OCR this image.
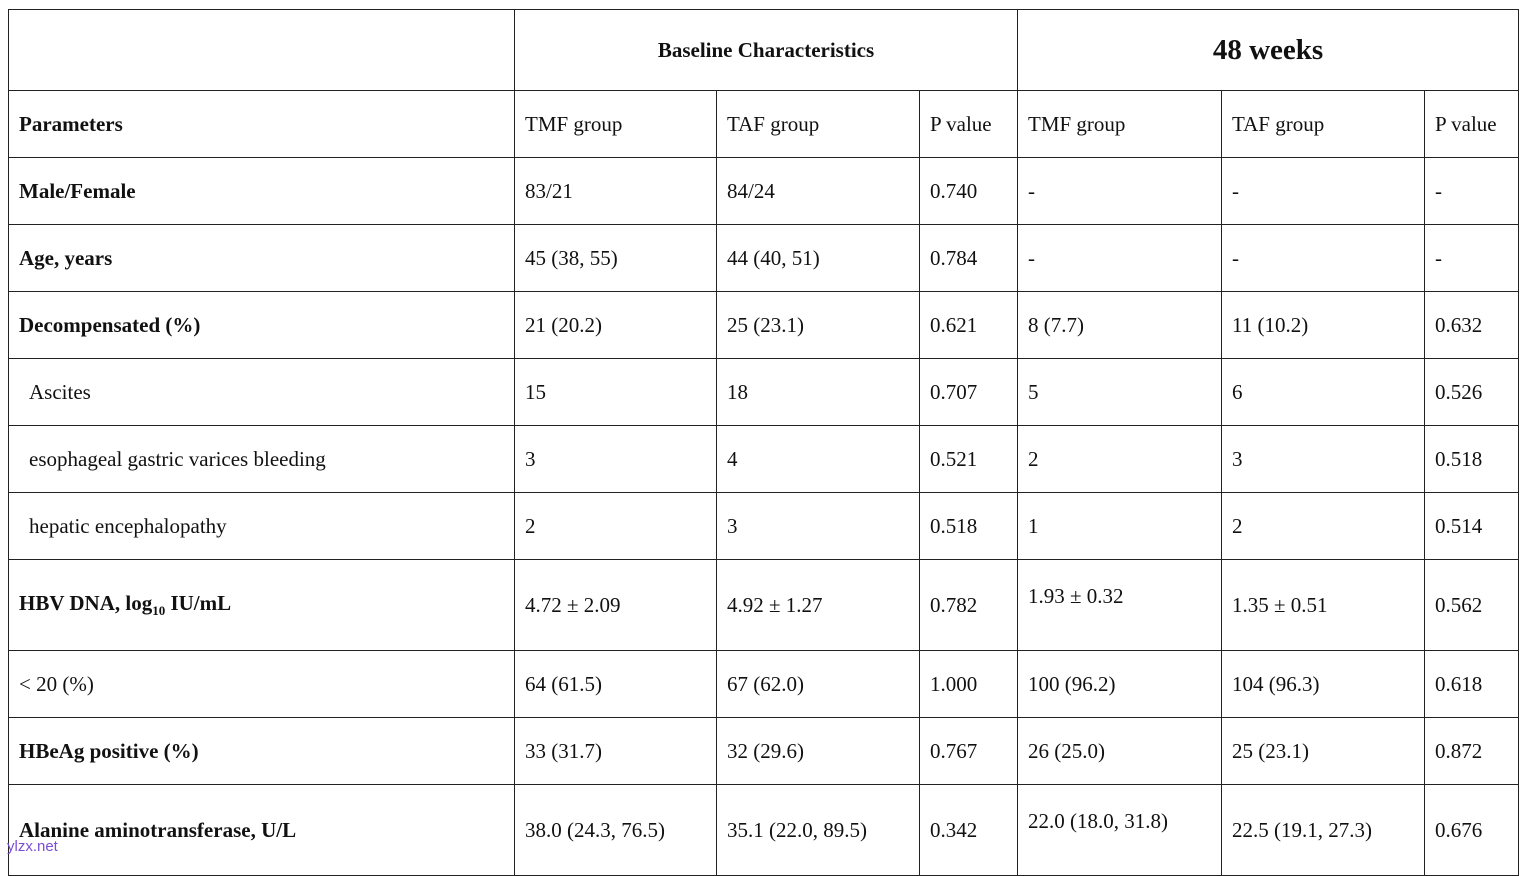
	Baseline Characteristics			48 weeks		
Parameters	TMF group	TAF group	P value	TMF group	TAF group	P value
Male/Female	83/21	84/24	0.740	-	-	-
Age, years	45 (38, 55)	44 (40, 51)	0.784	-	-	-
Decompensated (%)	21 (20.2)	25 (23.1)	0.621	8 (7.7)	11 (10.2)	0.632
Ascites	15	18	0.707	5	6	0.526
esophageal gastric varices bleeding	3	4	0.521	2	3	0.518
hepatic encephalopathy	2	3	0.518	1	2	0.514
HBV DNA, $\log_{10} IU/mL$	4.72 ± 2.09	4.92 ± 1.27	0.782	1.93 ± 0.32	1.35 ± 0.51	0.562
< 20 (%)	64 (61.5)	67 (62.0)	1.000	100 (96.2)	104 (96.3)	0.618
HBeAg positive (%)	33 (31.7)	32 (29.6)	0.767	26 (25.0)	25 (23.1)	0.872
Alanine aminotransferase, U/L	38.0 (24.3, 76.5)	35.1 (22.0, 89.5)	0.342	22.0 (18.0, 31.8)	22.5 (19.1, 27.3)	0.676
ylzx.net
